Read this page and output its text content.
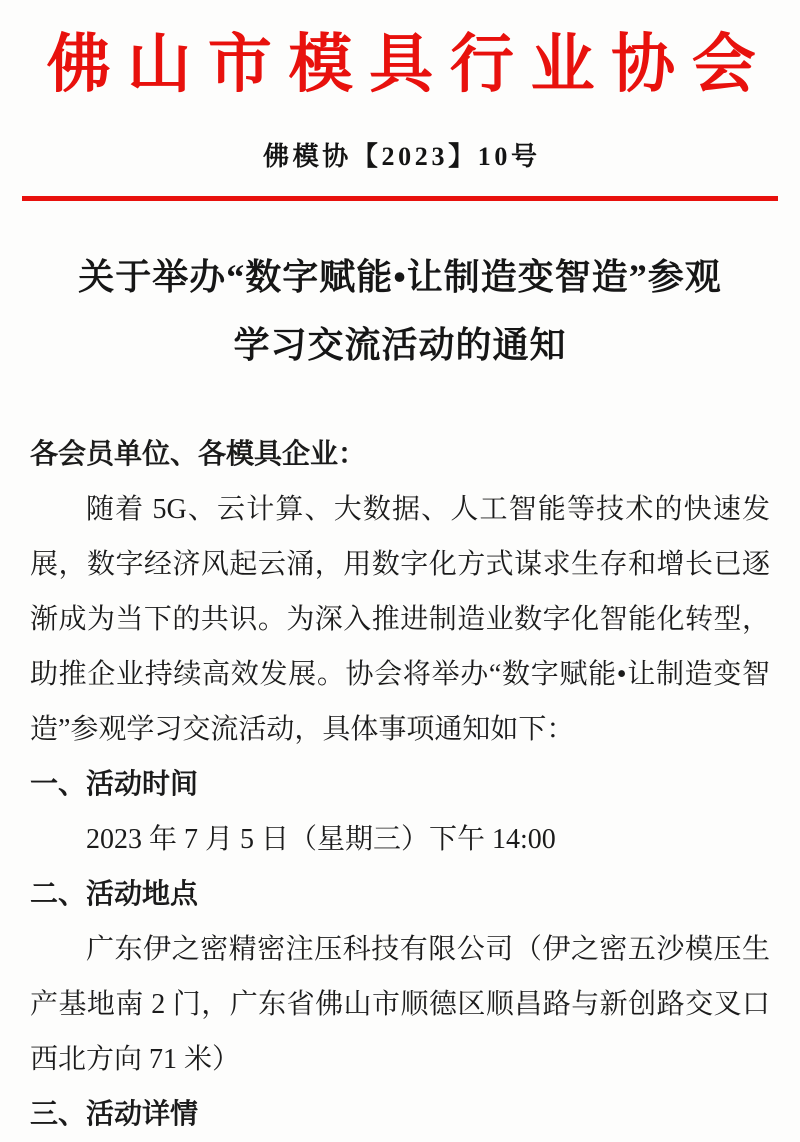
佛山市模具行业协会
佛模协【2023】10号
关于举办“数字赋能•让制造变智造”参观
学习交流活动的通知

各会员单位、各模具企业：

随着 5G、云计算、大数据、人工智能等技术的快速发展，数字经济风起云涌，用数字化方式谋求生存和增长已逐渐成为当下的共识。为深入推进制造业数字化智能化转型，助推企业持续高效发展。协会将举办“数字赋能•让制造变智造”参观学习交流活动，具体事项通知如下：

一、活动时间

2023 年 7 月 5 日（星期三）下午 14:00

二、活动地点

广东伊之密精密注压科技有限公司（伊之密五沙模压生产基地南 2 门，广东省佛山市顺德区顺昌路与新创路交叉口西北方向 71 米）

三、活动详情
